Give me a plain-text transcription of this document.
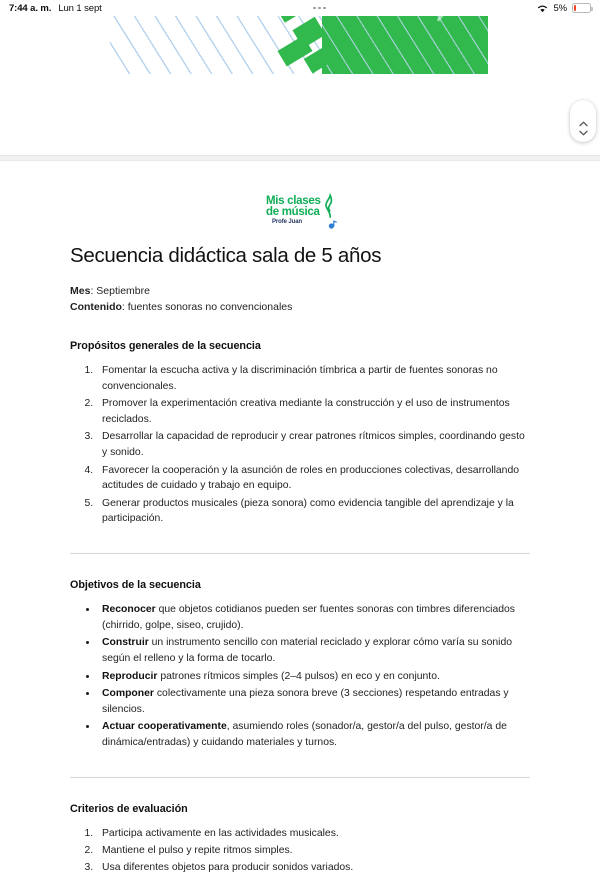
7:44 a. m. Lun 1 sept	5%
Mis clases
de música
Profe Juan
Secuencia didáctica sala de 5 años
Mes: Septiembre
Contenido: fuentes sonoras no convencionales
Propósitos generales de la secuencia
1. Fomentar la escucha activa y la discriminación tímbrica a partir de fuentes sonoras no convencionales.
2. Promover la experimentación creativa mediante la construcción y el uso de instrumentos reciclados.
3. Desarrollar la capacidad de reproducir y crear patrones rítmicos simples, coordinando gesto y sonido.
4. Favorecer la cooperación y la asunción de roles en producciones colectivas, desarrollando actitudes de cuidado y trabajo en equipo.
5. Generar productos musicales (pieza sonora) como evidencia tangible del aprendizaje y la participación.
Objetivos de la secuencia
• Reconocer que objetos cotidianos pueden ser fuentes sonoras con timbres diferenciados (chirrido, golpe, siseo, crujido).
• Construir un instrumento sencillo con material reciclado y explorar cómo varía su sonido según el relleno y la forma de tocarlo.
• Reproducir patrones rítmicos simples (2–4 pulsos) en eco y en conjunto.
• Componer colectivamente una pieza sonora breve (3 secciones) respetando entradas y silencios.
• Actuar cooperativamente, asumiendo roles (sonador/a, gestor/a del pulso, gestor/a de dinámica/entradas) y cuidando materiales y turnos.
Criterios de evaluación
1. Participa activamente en las actividades musicales.
2. Mantiene el pulso y repite ritmos simples.
3. Usa diferentes objetos para producir sonidos variados.
